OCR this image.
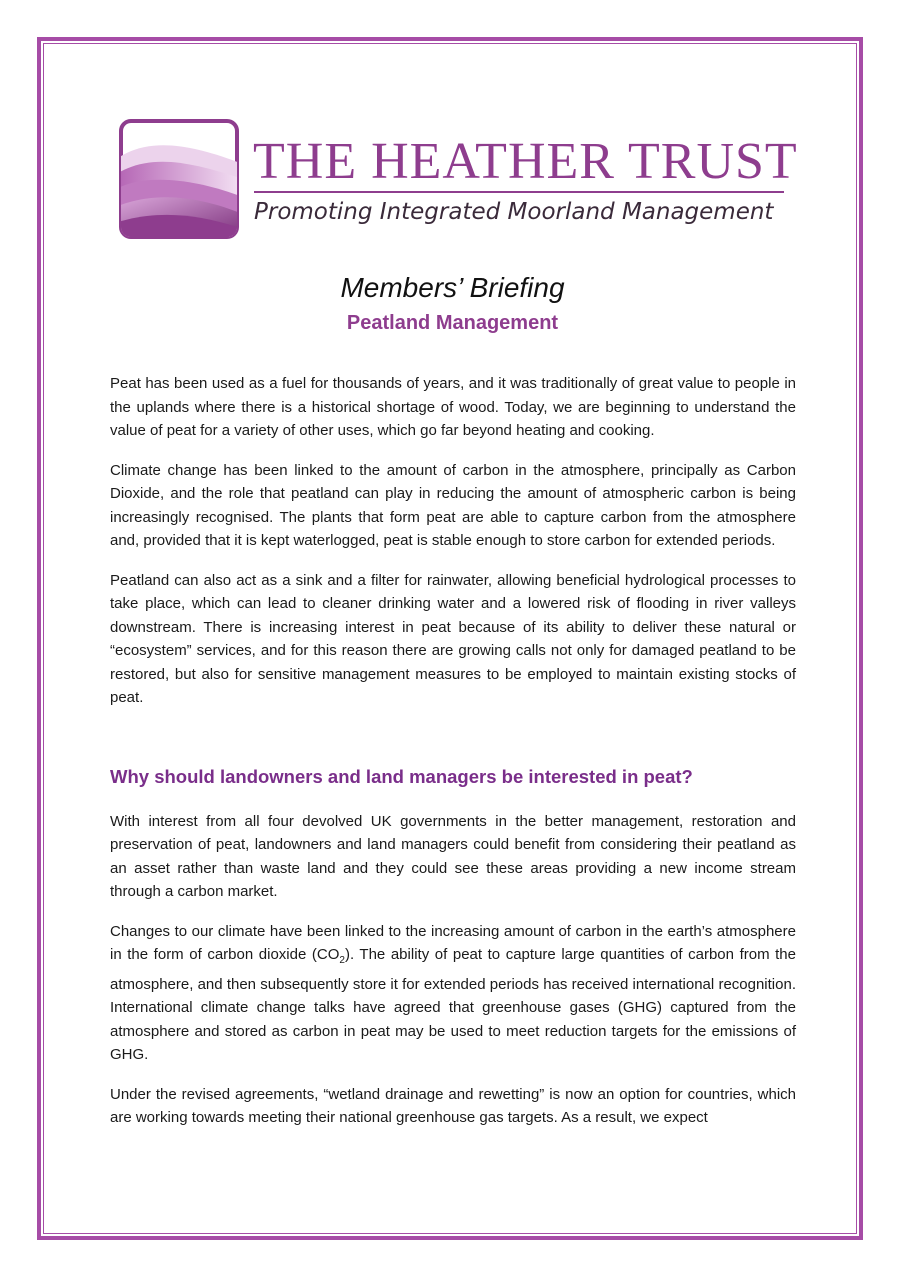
THE HEATHER TRUST
Promoting Integrated Moorland Management
Members’ Briefing
Peatland Management

Peat has been used as a fuel for thousands of years, and it was traditionally of great value to people in the uplands where there is a historical shortage of wood. Today, we are beginning to understand the value of peat for a variety of other uses, which go far beyond heating and cooking.

Climate change has been linked to the amount of carbon in the atmosphere, principally as Carbon Dioxide, and the role that peatland can play in reducing the amount of atmospheric carbon is being increasingly recognised. The plants that form peat are able to capture carbon from the atmosphere and, provided that it is kept waterlogged, peat is stable enough to store carbon for extended periods.

Peatland can also act as a sink and a filter for rainwater, allowing beneficial hydrological processes to take place, which can lead to cleaner drinking water and a lowered risk of flooding in river valleys downstream. There is increasing interest in peat because of its ability to deliver these natural or “ecosystem” services, and for this reason there are growing calls not only for damaged peatland to be restored, but also for sensitive management measures to be employed to maintain existing stocks of peat.

Why should landowners and land managers be interested in peat?

With interest from all four devolved UK governments in the better management, restoration and preservation of peat, landowners and land managers could benefit from considering their peatland as an asset rather than waste land and they could see these areas providing a new income stream through a carbon market.

Changes to our climate have been linked to the increasing amount of carbon in the earth’s atmosphere in the form of carbon dioxide $(CO_2)$. The ability of peat to capture large quantities of carbon from the atmosphere, and then subsequently store it for extended periods has received international recognition. International climate change talks have agreed that greenhouse gases (GHG) captured from the atmosphere and stored as carbon in peat may be used to meet reduction targets for the emissions of GHG.

Under the revised agreements, “wetland drainage and rewetting” is now an option for countries, which are working towards meeting their national greenhouse gas targets. As a result, we expect
